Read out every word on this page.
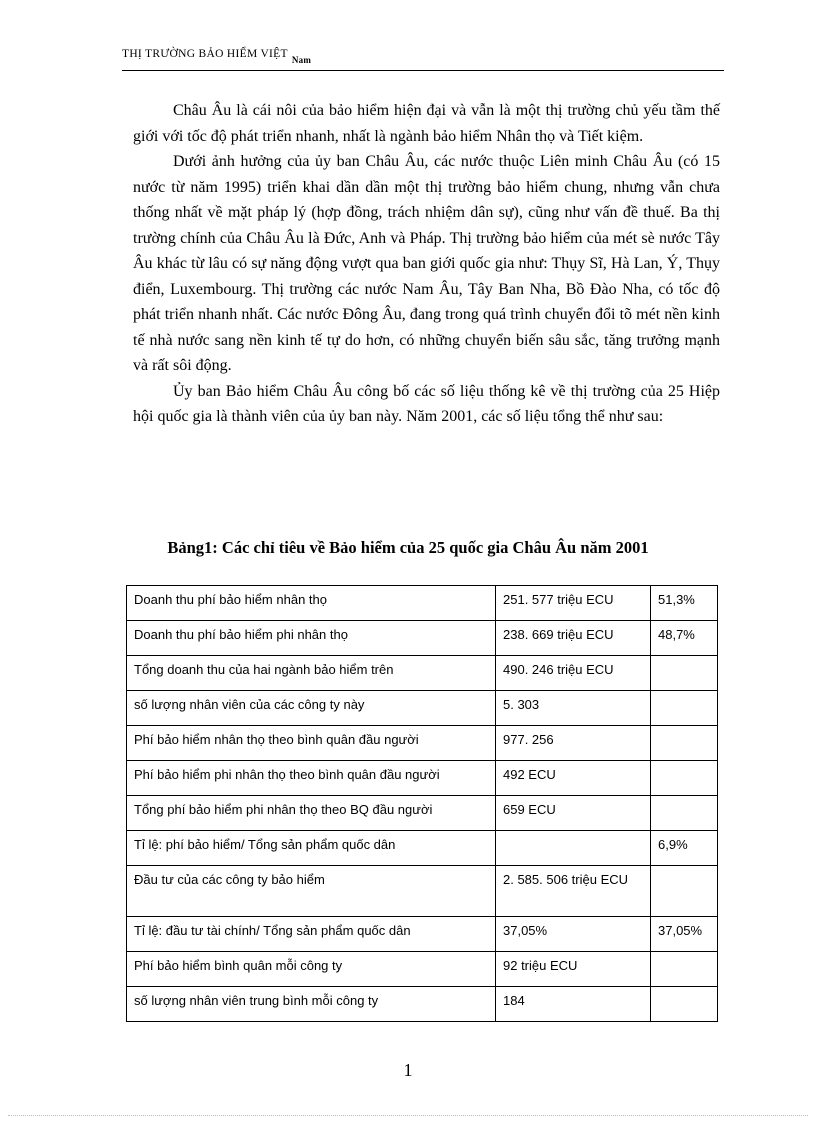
THỊ TRƯỜNG BẢO HIỂM VIỆT $_{Nam}$

Châu Âu là cái nôi của bảo hiểm hiện đại và vẫn là một thị trường chủ yếu tầm thế giới với tốc độ phát triển nhanh, nhất là ngành bảo hiểm Nhân thọ và Tiết kiệm.

Dưới ảnh hưởng của ủy ban Châu Âu, các nước thuộc Liên minh Châu Âu (có 15 nước từ năm 1995) triển khai dần dần một thị trường bảo hiểm chung, nhưng vẫn chưa thống nhất về mặt pháp lý (hợp đồng, trách nhiệm dân sự), cũng như vấn đề thuế. Ba thị trường chính của Châu Âu là Đức, Anh và Pháp. Thị trường bảo hiểm của mét sè nước Tây Âu khác từ lâu có sự năng động vượt qua ban giới quốc gia như: Thụy Sĩ, Hà Lan, Ý, Thụy điển, Luxembourg. Thị trường các nước Nam Âu, Tây Ban Nha, Bồ Đào Nha, có tốc độ phát triển nhanh nhất. Các nước Đông Âu, đang trong quá trình chuyển đổi tõ mét nền kinh tế nhà nước sang nền kinh tế tự do hơn, có những chuyển biến sâu sắc, tăng trưởng mạnh và rất sôi động.

Ủy ban Bảo hiểm Châu Âu công bố các số liệu thống kê về thị trường của 25 Hiệp hội quốc gia là thành viên của ủy ban này. Năm 2001, các số liệu tổng thể như sau:

Bảng1: Các chỉ tiêu về Bảo hiểm của 25 quốc gia Châu Âu năm 2001
Doanh thu phí bảo hiểm nhân thọ	251. 577 triệu ECU	51,3%
Doanh thu phí bảo hiểm phi nhân thọ	238. 669 triệu ECU	48,7%
Tổng doanh thu của hai ngành bảo hiểm trên	490. 246 triệu ECU	
số lượng nhân viên của các công ty này	5. 303	
Phí bảo hiểm nhân thọ theo bình quân đầu người	977. 256	
Phí bảo hiểm phi nhân thọ theo bình quân đầu người	492 ECU	
Tổng phí bảo hiểm phi nhân thọ theo BQ đầu người	659 ECU	
Tỉ lệ: phí bảo hiểm/ Tổng sản phẩm quốc dân		6,9%
Đầu tư của các công ty bảo hiểm	2. 585. 506 triệu ECU	
Tỉ lệ: đầu tư tài chính/ Tổng sản phẩm quốc dân	37,05%	37,05%
Phí bảo hiểm bình quân mỗi công ty	92 triệu ECU	
số lượng nhân viên trung bình mỗi công ty	184	
1
